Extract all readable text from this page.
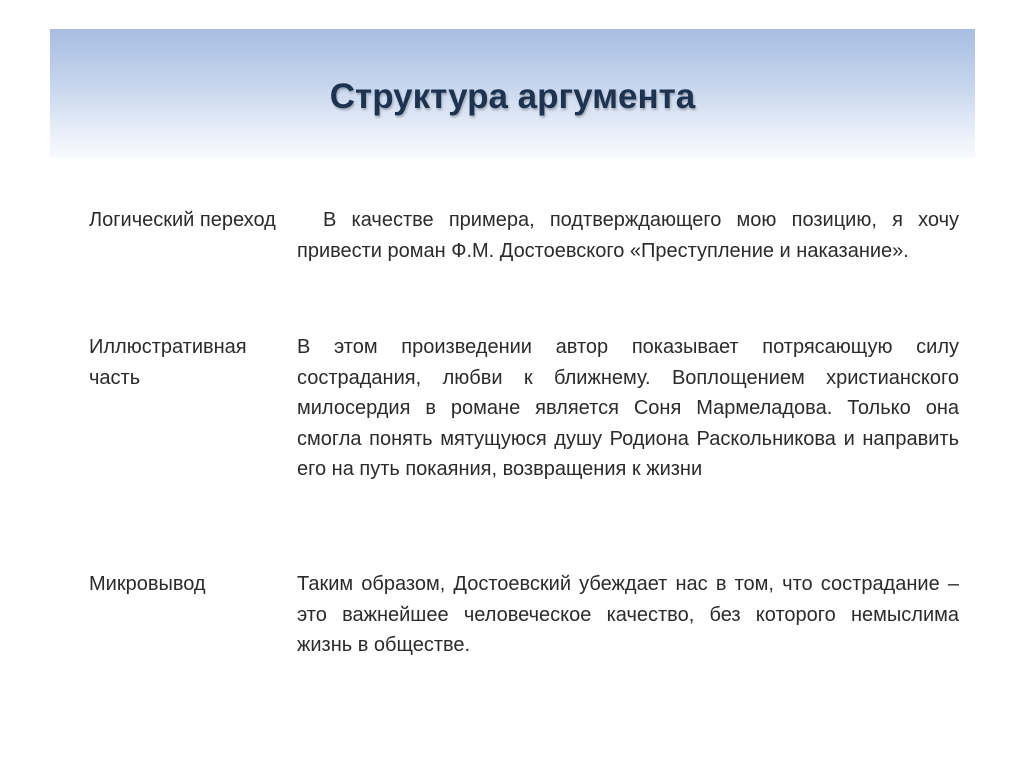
Структура аргумента
Логический переход	В качестве примера, подтверждающего мою позицию, я хочу привести роман Ф.М. Достоевского «Преступление и наказание».
Иллюстративная часть
В этом произведении автор показывает потрясающую силу сострадания, любви к ближнему. Воплощением христианского милосердия в романе является Соня Мармеладова. Только она смогла понять мятущуюся душу Родиона Раскольникова и направить его на путь покаяния, возвращения к жизни
Микровывод	Таким образом, Достоевский убеждает нас в том, что сострадание – это важнейшее человеческое качество, без которого немыслима жизнь в обществе.
